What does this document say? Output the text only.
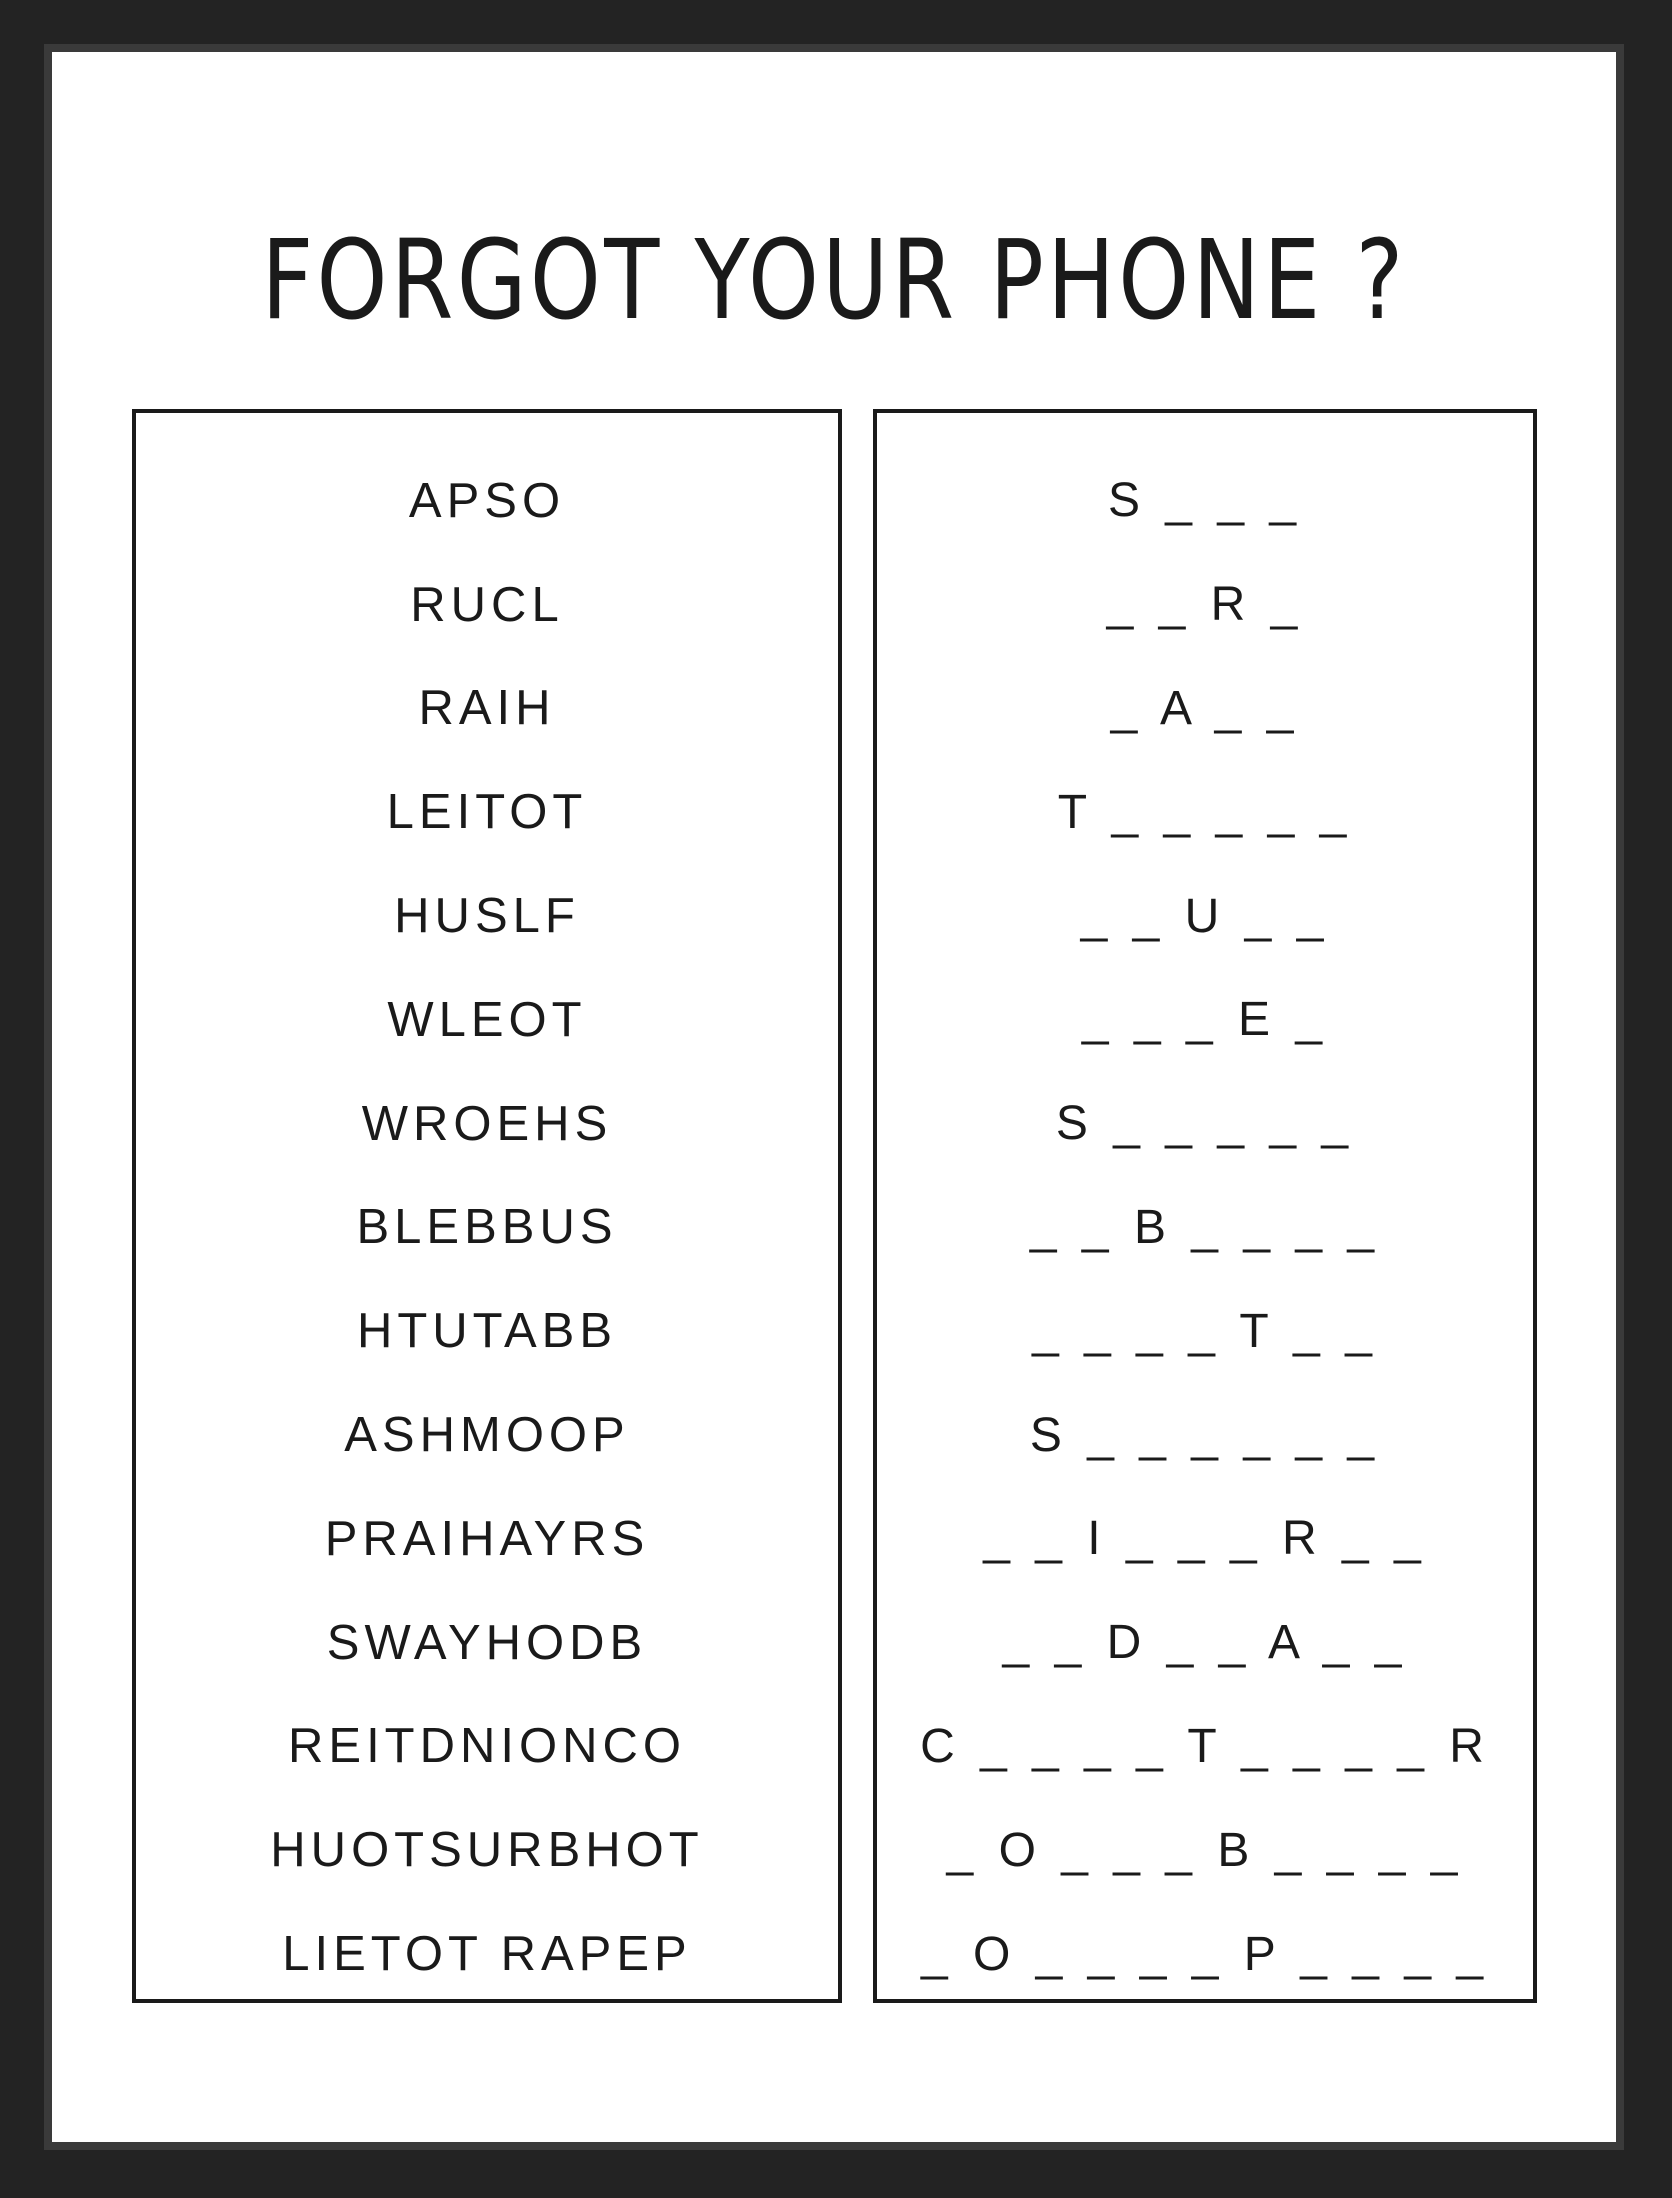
FORGOT YOUR PHONE ?
APSO
RUCL
RAIH
LEITOT
HUSLF
WLEOT
WROEHS
BLEBBUS
HTUTABB
ASHMOOP
PRAIHAYRS
SWAYHODB
REITDNIONCO
HUOTSURBHOT
LIETOT RAPEP
S _ _ _
_ _ R _
_ A _ _
T _ _ _ _ _
_ _ U _ _
_ _ _ E _
S _ _ _ _ _
_ _ B _ _ _ _
_ _ _ _ T _ _
S _ _ _ _ _ _
_ _ I _ _ _ R _ _
_ _ D _ _ A _ _
C _ _ _ _ T _ _ _ _ R
_ O _ _ _ B _ _ _ _
_ O _ _ _ _ P _ _ _ _
